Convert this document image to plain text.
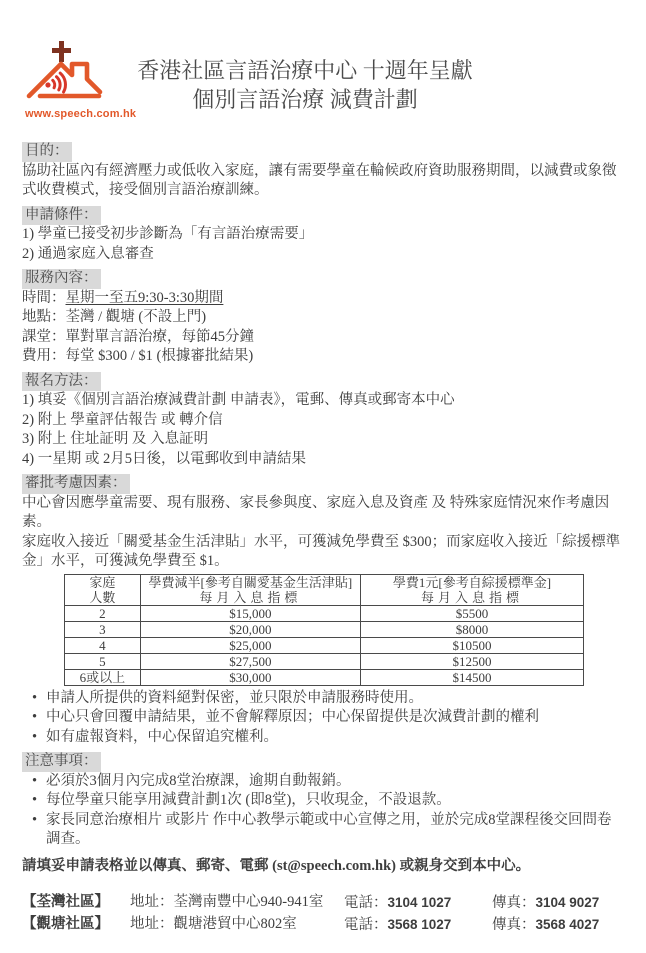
www.speech.com.hk
香港社區言語治療中心 十週年呈獻
個別言語治療 減費計劃
目的：
協助社區內有經濟壓力或低收入家庭，讓有需要學童在輪候政府資助服務期間，以減費或象徵式收費模式，接受個別言語治療訓練。
申請條件：
1) 學童已接受初步診斷為「有言語治療需要」
2) 通過家庭入息審查
服務內容：
時間：星期一至五9:30-3:30期間
地點：荃灣 / 觀塘 (不設上門)
課堂：單對單言語治療，每節45分鐘
費用：每堂 $300 / $1 (根據審批結果)
報名方法：
1) 填妥《個別言語治療減費計劃 申請表》，電郵、傳真或郵寄本中心
2) 附上 學童評估報告 或 轉介信
3) 附上 住址証明 及 入息証明
4) 一星期 或 2月5日後，以電郵收到申請結果
審批考慮因素：
中心會因應學童需要、現有服務、家長參與度、家庭入息及資產 及 特殊家庭情況來作考慮因素。
家庭收入接近「關愛基金生活津貼」水平，可獲減免學費至 $300；而家庭收入接近「綜援標準金」水平，可獲減免學費至 $1。
家庭
人數

學費減半[參考自關愛基金生活津貼]
每月入息指標

學費1元[參考自綜援標準金]
每月入息指標

2	$15,000	$5500
3	$20,000	$8000
4	$25,000	$10500
5	$27,500	$12500
6或以上	$30,000	$14500
• 申請人所提供的資料絕對保密，並只限於申請服務時使用。
• 中心只會回覆申請結果，並不會解釋原因；中心保留提供是次減費計劃的權利
• 如有虛報資料，中心保留追究權利。
注意事項：
• 必須於3個月內完成8堂治療課，逾期自動報銷。
• 每位學童只能享用減費計劃1次 (即8堂)，只收現金，不設退款。
• 家長同意治療相片 或影片 作中心教學示範或中心宣傳之用，並於完成8堂課程後交回問卷調查。
請填妥申請表格並以傳真、郵寄、電郵 (st@speech.com.hk) 或親身交到本中心。
【荃灣社區】	地址：荃灣南豐中心940-941室	電話：3104 1027	傳真：3104 9027
【觀塘社區】	地址：觀塘港貿中心802室	電話：3568 1027	傳真：3568 4027
